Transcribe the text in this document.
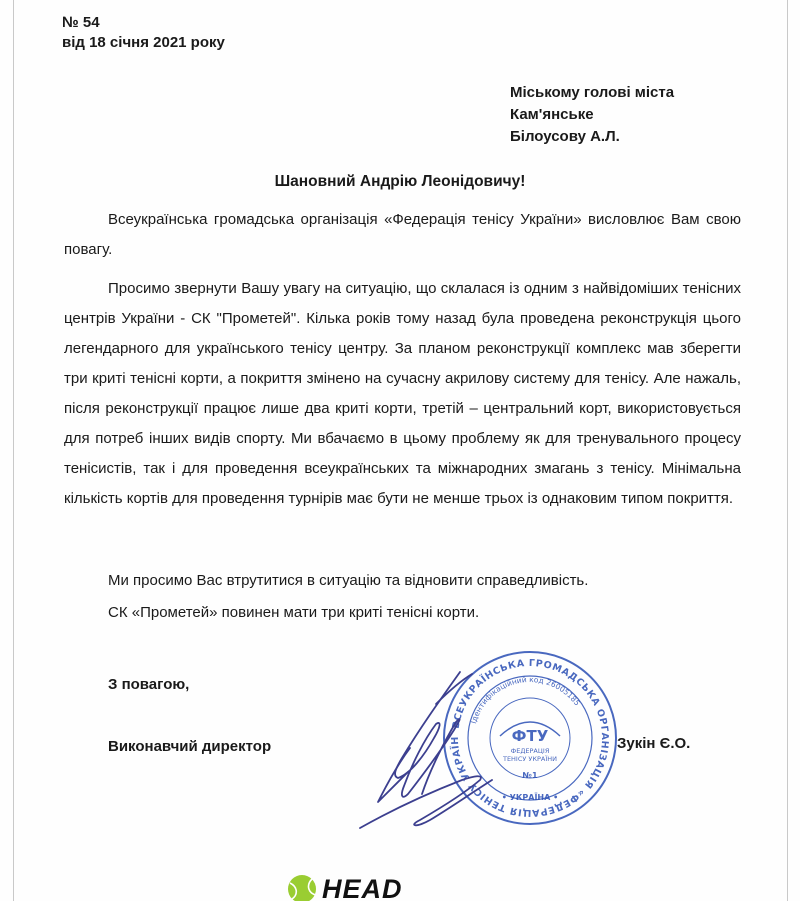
№ 54
від 18 січня 2021 року
Міському голові міста
Кам'янське
Білоусову А.Л.
Шановний Андрію Леонідовичу!

Всеукраїнська громадська організація «Федерація тенісу України» висловлює Вам свою повагу.

Просимо звернути Вашу увагу на ситуацію, що склалася із одним з найвідоміших тенісних центрів України - СК "Прометей". Кілька років тому назад була проведена реконструкція цього легендарного для українського тенісу центру. За планом реконструкції комплекс мав зберегти три криті тенісні корти, а покриття змінено на сучасну акрилову систему для тенісу. Але нажаль, після реконструкції працює лише два криті корти, третій – центральний корт, використовується для потреб інших видів спорту. Ми вбачаємо в цьому проблему як для тренувального процесу тенісистів, так і для проведення всеукраїнських та міжнародних змагань з тенісу. Мінімальна кількість кортів для проведення турнірів має бути не менше трьох із однаковим типом покриття.

Ми просимо Вас втрутитися в ситуацію та відновити справедливість.
СК «Прометей» повинен мати три криті тенісні корти.
З повагою,
Виконавчий директор	Зукін Є.О.
ВСЕУКРАЇНСЬКА ГРОМАДСЬКА ОРГАНІЗАЦІЯ «ФЕДЕРАЦІЯ ТЕНІСУ УКРАЇНИ»
Ідентифікаційний код 26005185
ФТУ
ФЕДЕРАЦІЯ
ТЕНІСУ УКРАЇНИ
№1
• УКРАЇНА •
HEAD
